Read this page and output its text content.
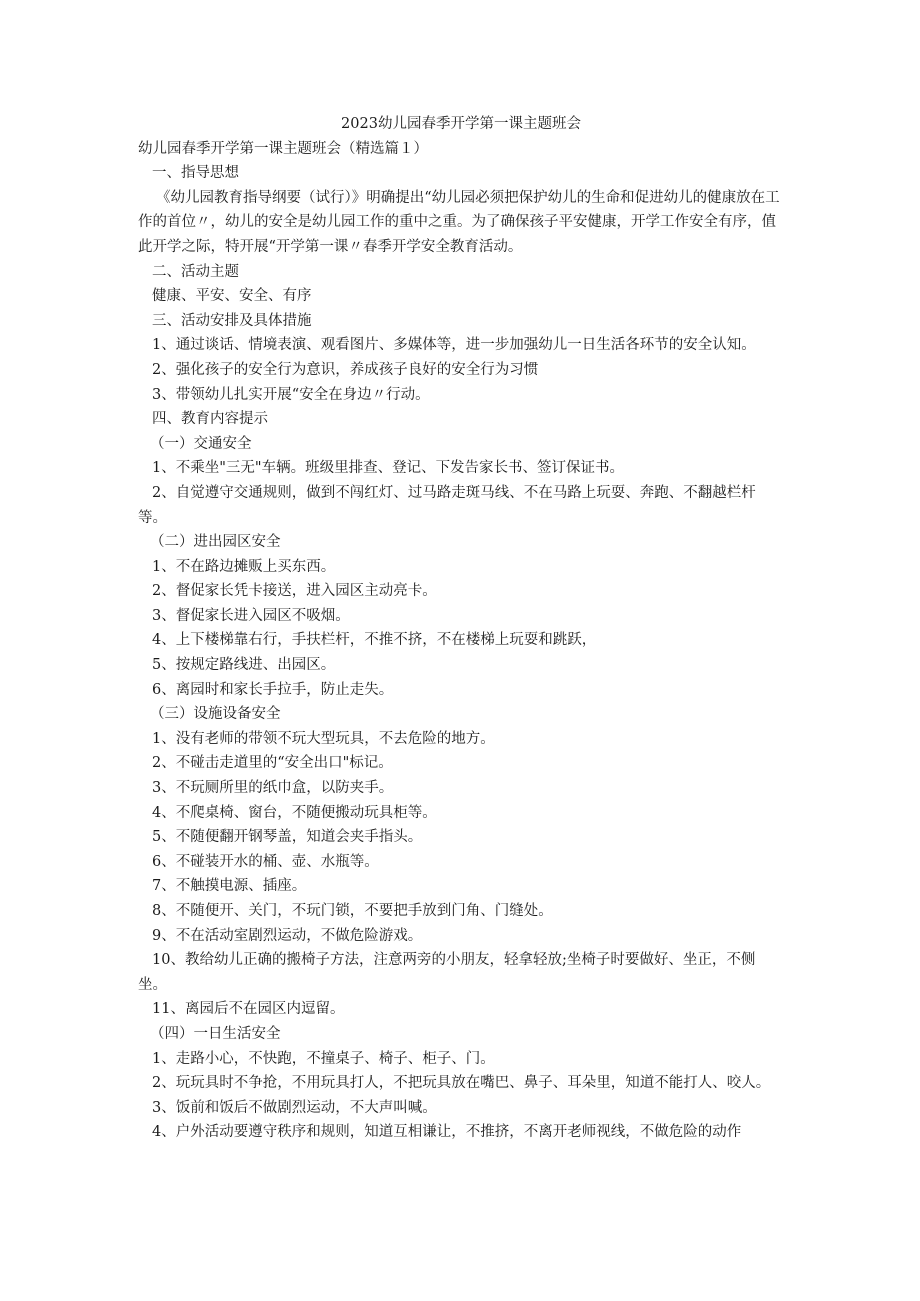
2023幼儿园春季开学第一课主题班会

幼儿园春季开学第一课主题班会（精选篇１）

一、指导思想

《幼儿园教育指导纲要（试行）》明确提出“幼儿园必须把保护幼儿的生命和促进幼儿的健康放在工作的首位〃，幼儿的安全是幼儿园工作的重中之重。为了确保孩子平安健康，开学工作安全有序，值此开学之际，特开展“开学第一课〃春季开学安全教育活动。

二、活动主题

健康、平安、安全、有序

三、活动安排及具体措施

1、通过谈话、情境表演、观看图片、多媒体等，进一步加强幼儿一日生活各环节的安全认知。

2、强化孩子的安全行为意识，养成孩子良好的安全行为习惯

3、带领幼儿扎实开展“安全在身边〃行动。

四、教育内容提示

（一）交通安全

1、不乘坐"三无"车辆。班级里排查、登记、下发告家长书、签订保证书。

2、自觉遵守交通规则，做到不闯红灯、过马路走斑马线、不在马路上玩耍、奔跑、不翻越栏杆等。

（二）进出园区安全

1、不在路边摊贩上买东西。

2、督促家长凭卡接送，进入园区主动亮卡。

3、督促家长进入园区不吸烟。

4、上下楼梯靠右行，手扶栏杆，不推不挤，不在楼梯上玩耍和跳跃，

5、按规定路线进、出园区。

6、离园时和家长手拉手，防止走失。

（三）设施设备安全

1、没有老师的带领不玩大型玩具，不去危险的地方。

2、不碰击走道里的“安全出口"标记。

3、不玩厕所里的纸巾盒，以防夹手。

4、不爬桌椅、窗台，不随便搬动玩具柜等。

5、不随便翻开钢琴盖，知道会夹手指头。

6、不碰装开水的桶、壶、水瓶等。

7、不触摸电源、插座。

8、不随便开、关门，不玩门锁，不要把手放到门角、门缝处。

9、不在活动室剧烈运动，不做危险游戏。

10、教给幼儿正确的搬椅子方法，注意两旁的小朋友，轻拿轻放;坐椅子时要做好、坐正，不侧坐。

11、离园后不在园区内逗留。

（四）一日生活安全

1、走路小心，不快跑，不撞桌子、椅子、柜子、门。

2、玩玩具时不争抢，不用玩具打人，不把玩具放在嘴巴、鼻子、耳朵里，知道不能打人、咬人。

3、饭前和饭后不做剧烈运动，不大声叫喊。

4、户外活动要遵守秩序和规则，知道互相谦让，不推挤，不离开老师视线，不做危险的动作
